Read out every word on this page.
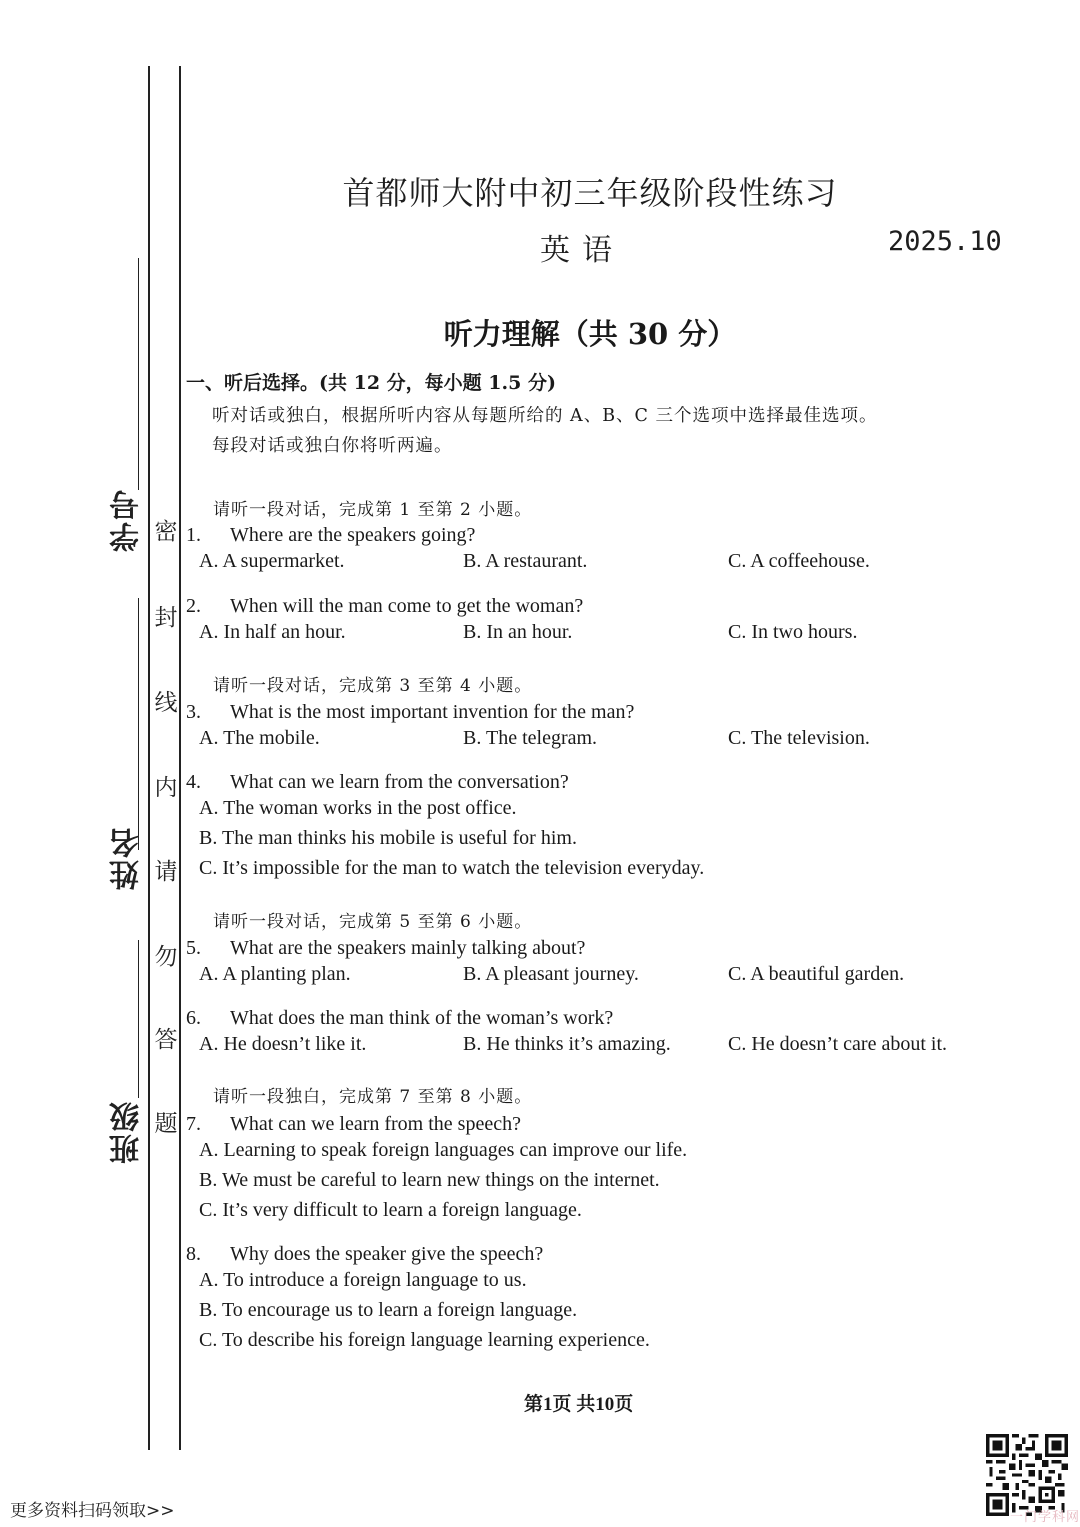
学号
姓名
班级
密
封
线
内
请
勿
答
题
首都师大附中初三年级阶段性练习
英语	2025.10
听力理解（共 30 分）
一、听后选择。(共 12 分，每小题 1.5 分)
听对话或独白，根据所听内容从每题所给的 A、B、C 三个选项中选择最佳选项。
每段对话或独白你将听两遍。
请听一段对话，完成第 1 至第 2 小题。
1. Where are the speakers going?
A. A supermarket.	B. A restaurant.	C. A coffeehouse.
2. When will the man come to get the woman?
A. In half an hour.	B. In an hour.	C. In two hours.
请听一段对话，完成第 3 至第 4 小题。
3. What is the most important invention for the man?
A. The mobile.	B. The telegram.	C. The television.
4. What can we learn from the conversation?
A. The woman works in the post office.
B. The man thinks his mobile is useful for him.
C. It’s impossible for the man to watch the television everyday.
请听一段对话，完成第 5 至第 6 小题。
5. What are the speakers mainly talking about?
A. A planting plan.	B. A pleasant journey.	C. A beautiful garden.
6. What does the man think of the woman’s work?
A. He doesn’t like it.	B. He thinks it’s amazing.	C. He doesn’t care about it.
请听一段独白，完成第 7 至第 8 小题。
7. What can we learn from the speech?
A. Learning to speak foreign languages can improve our life.
B. We must be careful to learn new things on the internet.
C. It’s very difficult to learn a foreign language.
8. Why does the speaker give the speech?
A. To introduce a foreign language to us.
B. To encourage us to learn a foreign language.
C. To describe his foreign language learning experience.
第1页 共10页
更多资料扫码领取>>	一门学科网
